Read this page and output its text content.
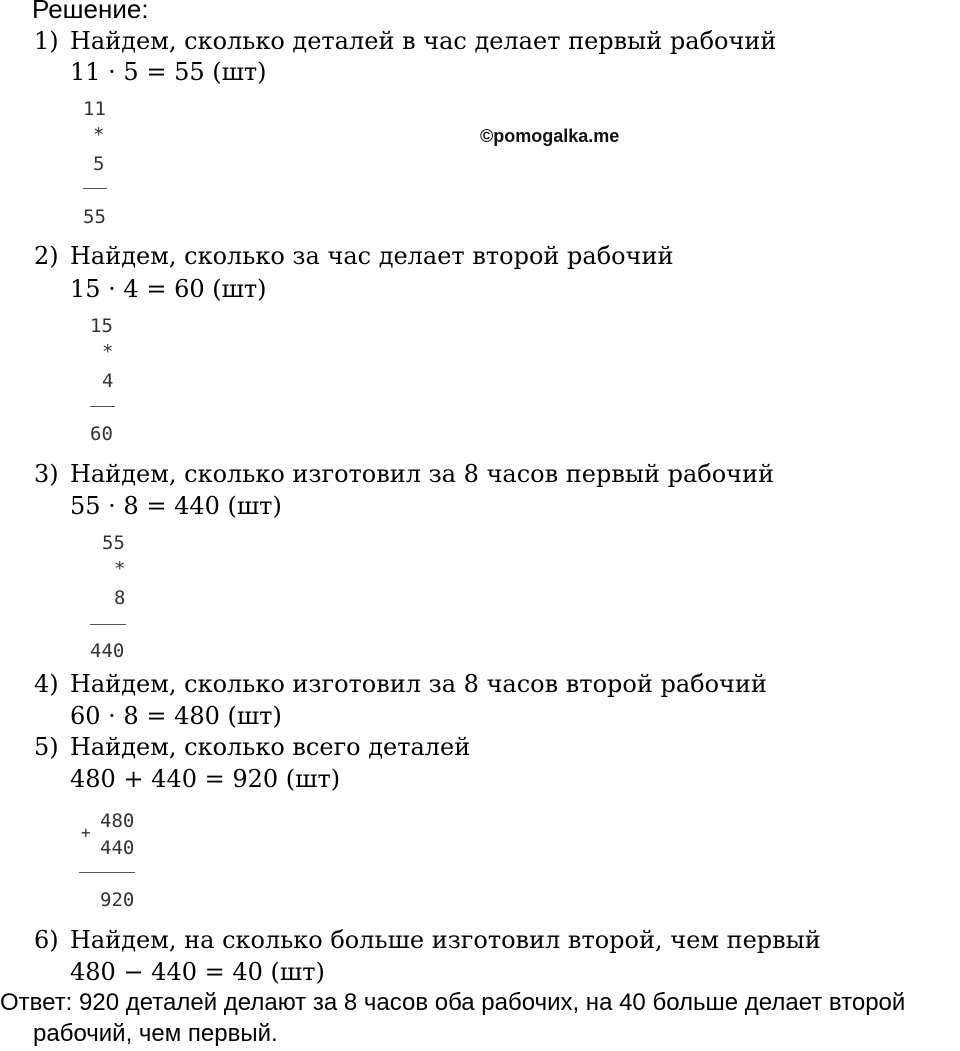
Решение:
1) Найдем, сколько деталей в час делает первый рабочий
11 · 5 = 55 (шт)
11
*
5
55
©pomogalka.me
2) Найдем, сколько за час делает второй рабочий
15 · 4 = 60 (шт)
15
*
4
60
3) Найдем, сколько изготовил за 8 часов первый рабочий
55 · 8 = 440 (шт)
55
*
8
440
4) Найдем, сколько изготовил за 8 часов второй рабочий
60 · 8 = 480 (шт)
5) Найдем, сколько всего деталей
480 + 440 = 920 (шт)
+
480
440
920
6) Найдем, на сколько больше изготовил второй, чем первый
480 − 440 = 40 (шт)
Ответ: 920 деталей делают за 8 часов оба рабочих, на 40 больше делает второй
рабочий, чем первый.
